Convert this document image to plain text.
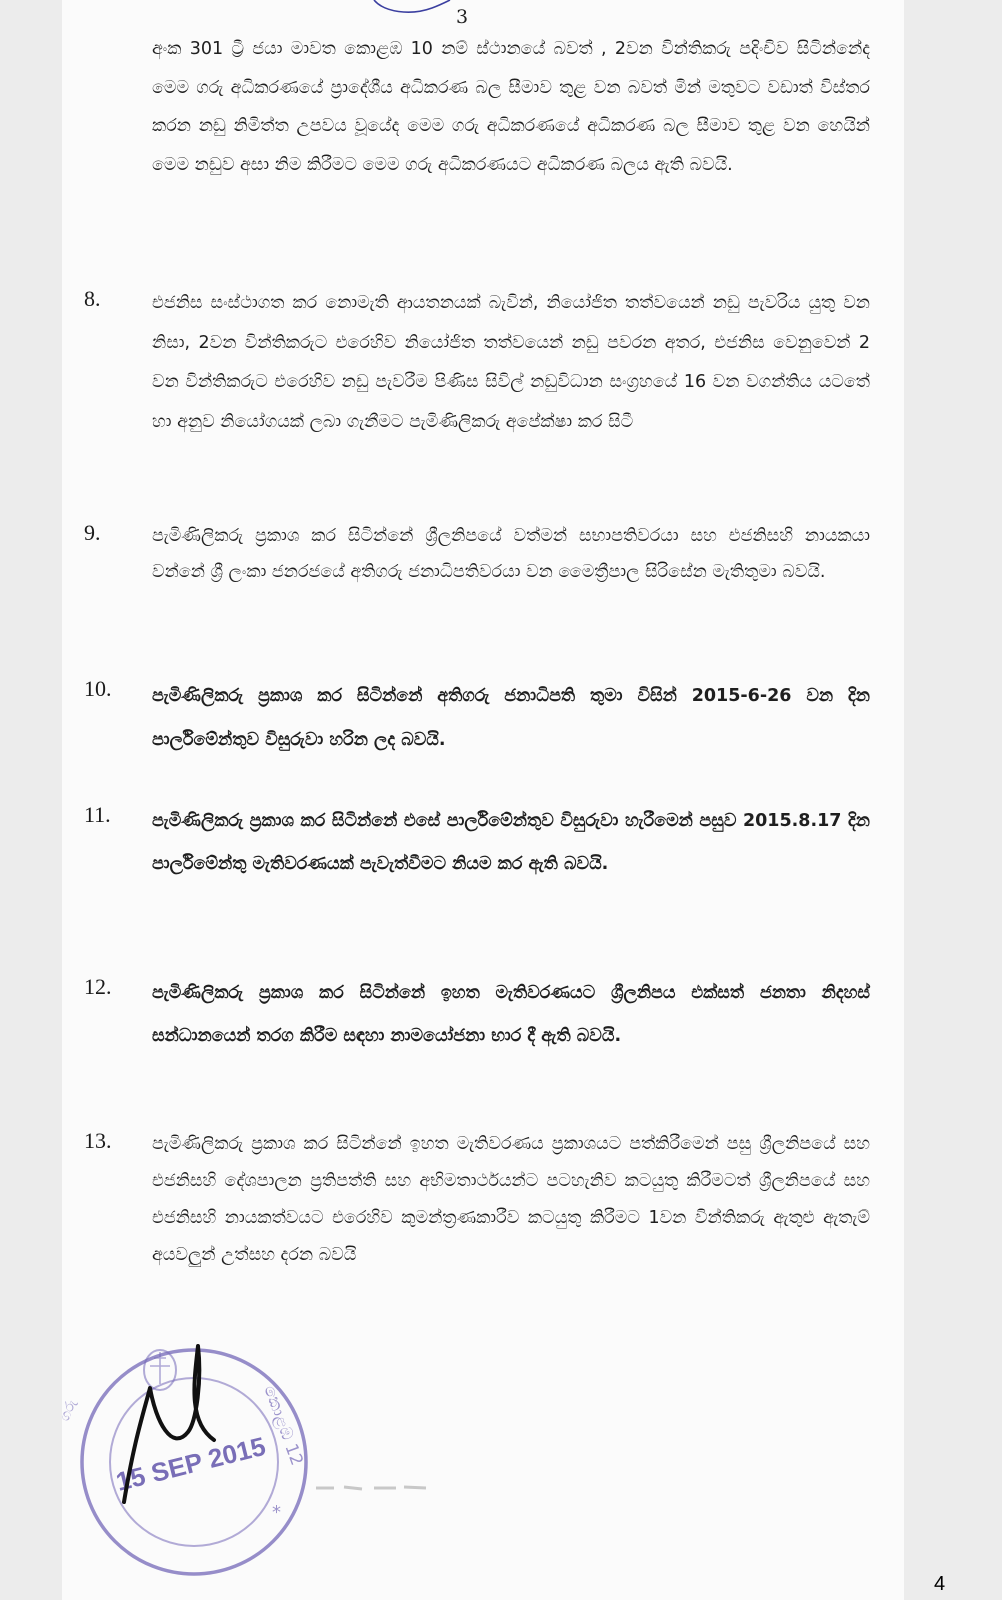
3
අංක 301 ට්‍රී ජයා මාවත කොළඹ 10 නම් ස්ථානයේ බවත් , 2වන වින්තිකරු පදිංචිව සිටින්නේද මෙම ගරු අධිකරණයේ ප්‍රාදේශීය අධිකරණ බල සීමාව තුළ වන බවත් මින් මතුවට වඩාත් විස්තර කරන නඩු නිමිත්ත උපවය වූයේද මෙම ගරු අධිකරණයේ අධිකරණ බල සීමාව තුළ වන හෙයින් මෙම නඩුව අසා නිම කිරීමට මෙම ගරු අධිකරණයට අධිකරණ බලය ඇති බවයි.
8.	එජනිස සංස්ථාගත කර නොමැති ආයතනයක් බැවින්, නියෝජිත තත්වයෙන් නඩු පැවරිය යුතු වන නිසා, 2වන වින්තිකරුට එරෙහිව නියෝජිත තත්වයෙන් නඩු පවරන අතර, එජනිස වෙනුවෙන් 2 වන වින්තිකරුට එරෙහිව නඩු පැවරීම පිණිස සිවිල් නඩුවිධාන සංග්‍රහයේ 16 වන වගන්තිය යටතේ හා අනුව නියෝගයක් ලබා ගැනීමට පැමිණිලිකරු අපේක්ෂා කර සිටී
9.	පැමිණිලිකරු ප්‍රකාශ කර සිටින්නේ ශ්‍රීලනිපයේ වත්මන් සභාපතිවරයා සහ එජනිසහි නායකයා වන්නේ ශ්‍රී ලංකා ජනරජයේ අතිගරු ජනාධිපතිවරයා වන මෛත්‍රීපාල සිරිසේන මැතිතුමා බවයි.
10. පැමිණිලිකරු ප්‍රකාශ කර සිටින්නේ අතිගරු ජනාධිපති තුමා විසින් 2015-6-26 වන දින පාර්ලිමේන්තුව විසුරුවා හරින ලද බවයි.
11. පැමිණිලිකරු ප්‍රකාශ කර සිටින්නේ එසේ පාර්ලිමේන්තුව විසුරුවා හැරීමෙන් පසුව 2015.8.17 දින පාර්ලිමේන්තු මැතිවරණයක් පැවැත්වීමට නියම කර ඇති බවයි.
12. පැමිණිලිකරු ප්‍රකාශ කර සිටින්නේ ඉහත මැතිවරණයට ශ්‍රීලනිපය එක්සත් ජනතා නිදහස් සන්ධානයෙන් තරග කිරීම සඳහා නාමයෝජනා භාර දී ඇති බවයි.
13. පැමිණිලිකරු ප්‍රකාශ කර සිටින්නේ ඉහත මැතිවරණය ප්‍රකාශයට පත්කිරීමෙන් පසු ශ්‍රීලනිපයේ සහ එජනිසහි දේශපාලන ප්‍රතිපත්ති සහ අභිමතාර්ථයන්ට පටහැනිව කටයුතු කිරීමටත් ශ්‍රීලනිපයේ සහ එජනිසහි නායකත්වයට එරෙහිව කුමන්ත්‍රණකාරීව කටයුතු කිරීමට 1වන වින්තිකරු ඇතුළු ඇතැම් අයවලුන් උත්සහ දරන බවයි
කොළඹ 12
ගරු
*
15 SEP 2015
4
